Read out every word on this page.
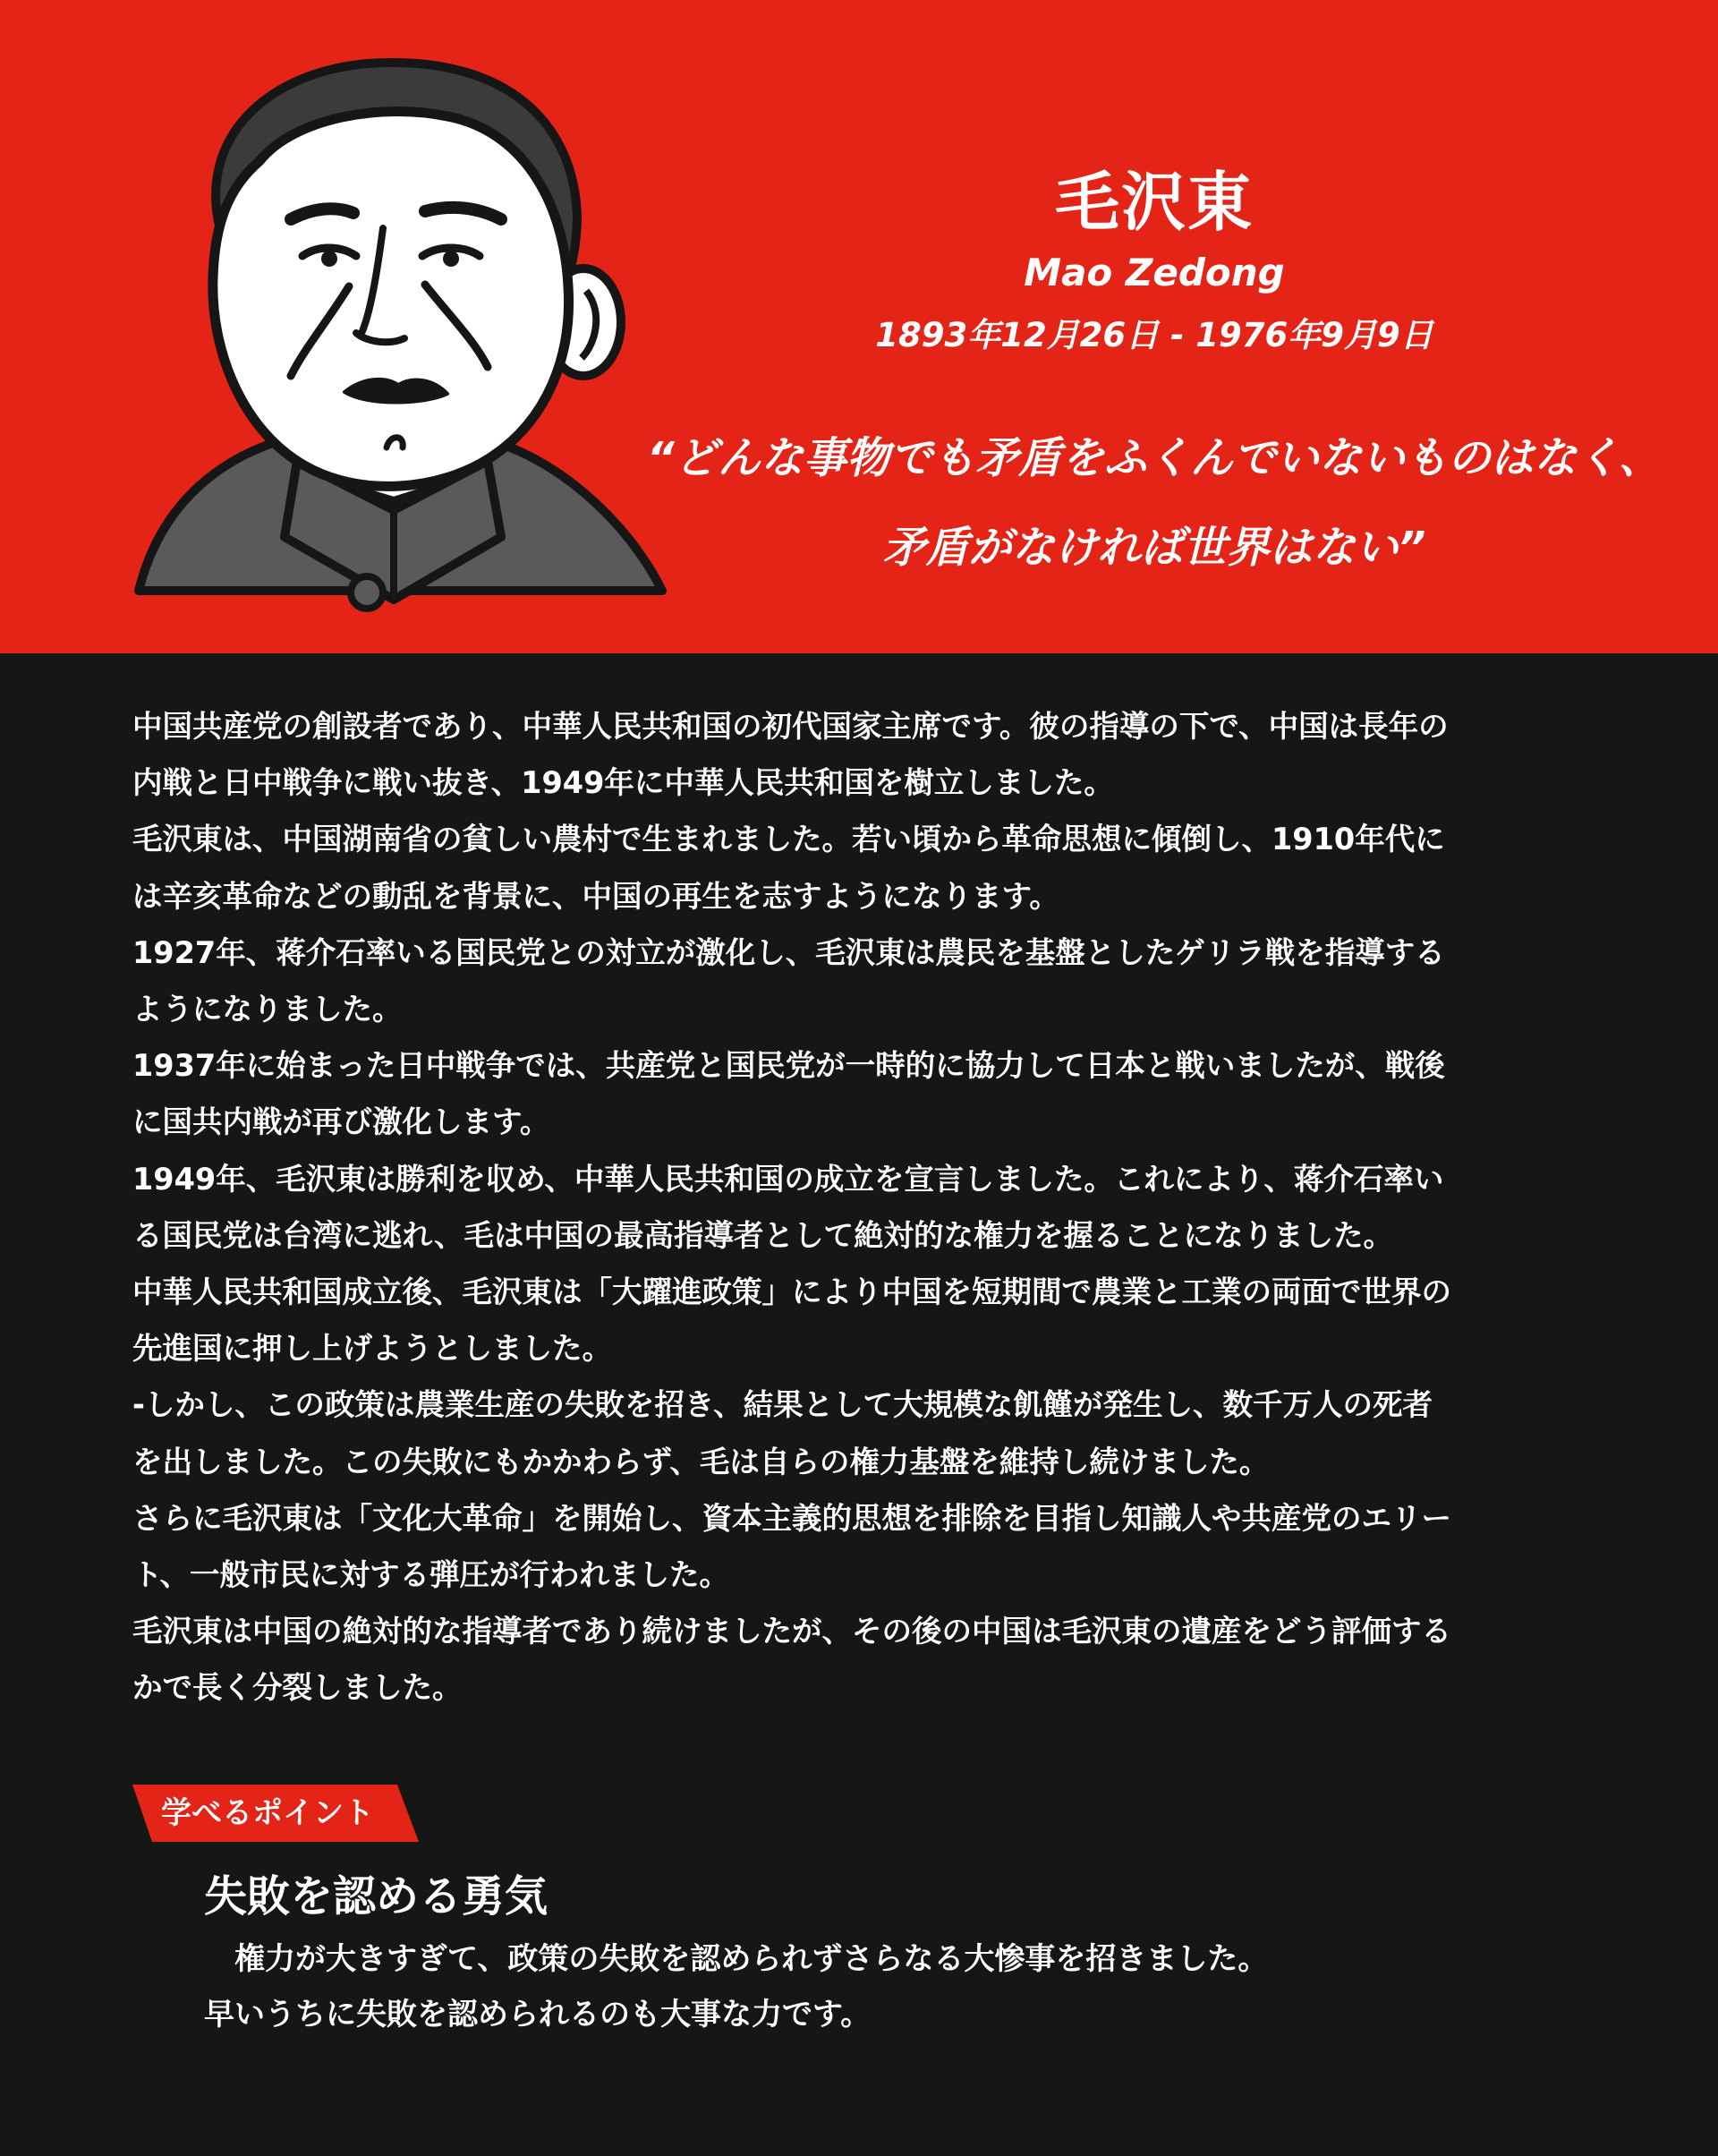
毛沢東
Mao Zedong
1893年12月26日 - 1976年9月9日
“どんな事物でも矛盾をふくんでいないものはなく、
矛盾がなければ世界はない”

中国共産党の創設者であり、中華人民共和国の初代国家主席です。彼の指導の下で、中国は長年の
内戦と日中戦争に戦い抜き、1949年に中華人民共和国を樹立しました。

毛沢東は、中国湖南省の貧しい農村で生まれました。若い頃から革命思想に傾倒し、1910年代に
は辛亥革命などの動乱を背景に、中国の再生を志すようになります。

1927年、蒋介石率いる国民党との対立が激化し、毛沢東は農民を基盤としたゲリラ戦を指導する
ようになりました。

1937年に始まった日中戦争では、共産党と国民党が一時的に協力して日本と戦いましたが、戦後
に国共内戦が再び激化します。

1949年、毛沢東は勝利を収め、中華人民共和国の成立を宣言しました。これにより、蒋介石率い
る国民党は台湾に逃れ、毛は中国の最高指導者として絶対的な権力を握ることになりました。

中華人民共和国成立後、毛沢東は「大躍進政策」により中国を短期間で農業と工業の両面で世界の
先進国に押し上げようとしました。

-しかし、この政策は農業生産の失敗を招き、結果として大規模な飢饉が発生し、数千万人の死者
を出しました。この失敗にもかかわらず、毛は自らの権力基盤を維持し続けました。

さらに毛沢東は「文化大革命」を開始し、資本主義的思想を排除を目指し知識人や共産党のエリー
ト、一般市民に対する弾圧が行われました。

毛沢東は中国の絶対的な指導者であり続けましたが、その後の中国は毛沢東の遺産をどう評価する
かで長く分裂しました。

学べるポイント
失敗を認める勇気

　権力が大きすぎて、政策の失敗を認められずさらなる大惨事を招きました。

早いうちに失敗を認められるのも大事な力です。
